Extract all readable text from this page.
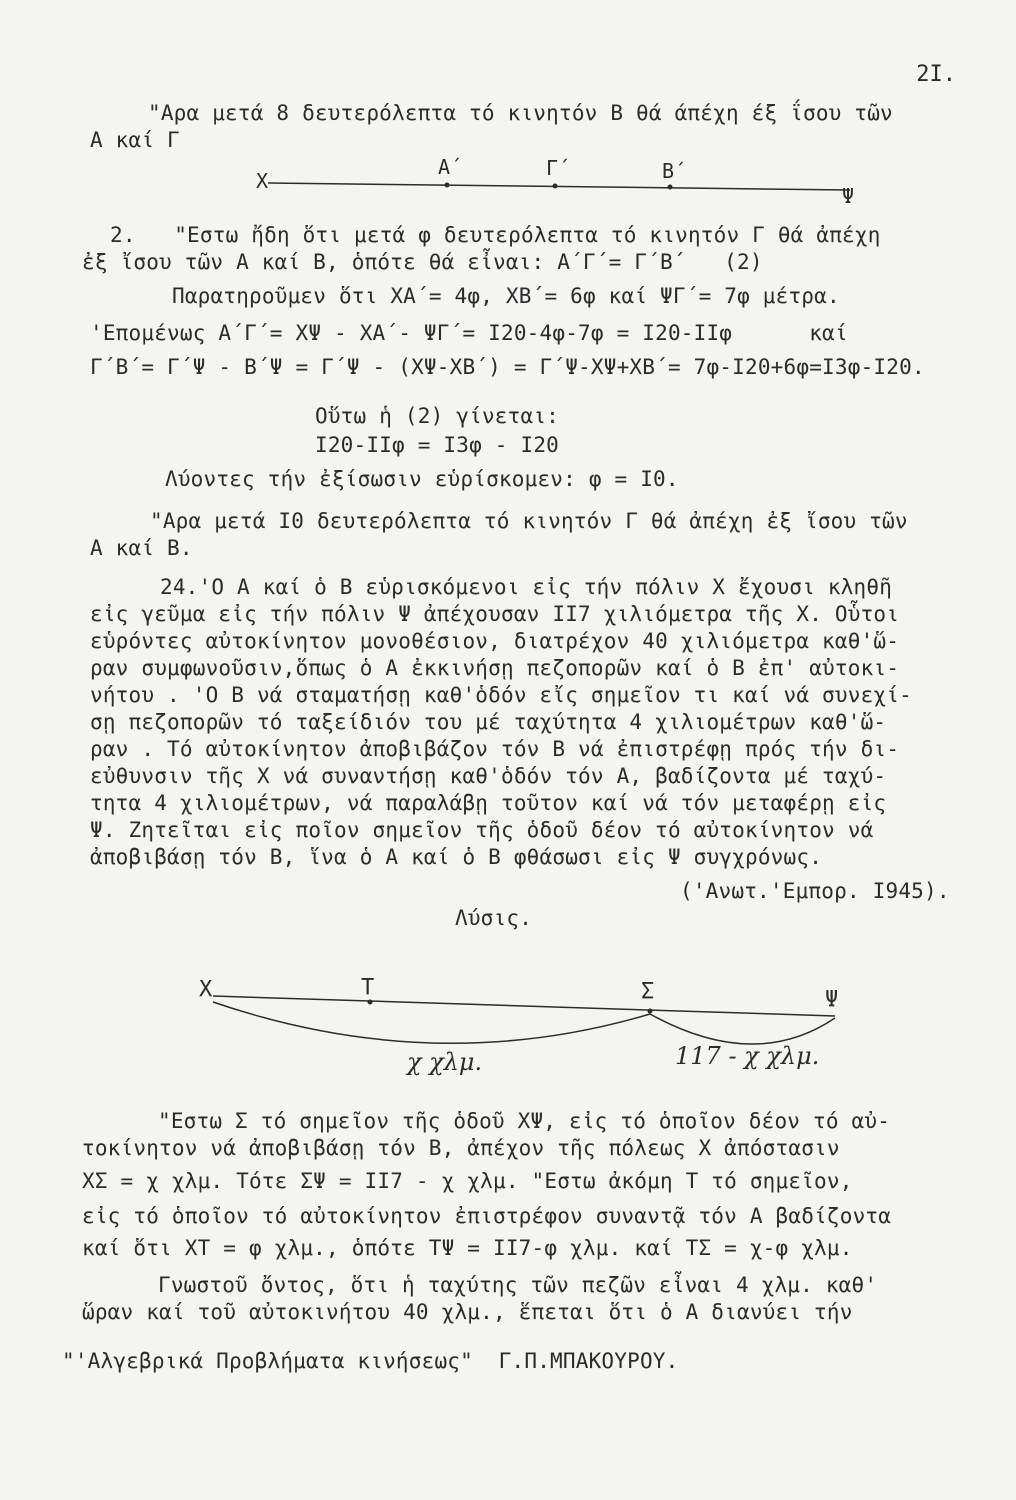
2I.
"Αρα μετά 8 δευτερόλεπτα τό κινητόν Β θά άπέχη έξ ΐσου τῶν
Α καί Γ
Χ
Α΄	Γ΄	Β΄
Ψ
2.   "Εστω ἤδη ὅτι μετά φ δευτερόλεπτα τό κινητόν Γ θά ἀπέχη
ἐξ ἴσου τῶν Α καί Β, ὁπότε θά εἶναι: Α΄Γ΄= Γ΄Β΄   (2)
Παρατηροῦμεν ὅτι ΧΑ΄= 4φ, ΧΒ΄= 6φ καί ΨΓ΄= 7φ μέτρα.
'Επομένως Α΄Γ΄= ΧΨ - ΧΑ΄- ΨΓ΄= Ι20-4φ-7φ = Ι20-ΙΙφ      καί
Γ΄Β΄= Γ΄Ψ - Β΄Ψ = Γ΄Ψ - (ΧΨ-ΧΒ΄) = Γ΄Ψ-ΧΨ+ΧΒ΄= 7φ-Ι20+6φ=Ι3φ-Ι20.
Οὕτω ἡ (2) γίνεται:
Ι20-ΙΙφ = Ι3φ - Ι20
Λύοντες τήν ἐξίσωσιν εὑρίσκομεν: φ = Ι0.
"Αρα μετά Ι0 δευτερόλεπτα τό κινητόν Γ θά ἀπέχη ἐξ ἴσου τῶν
Α καί Β.
24.'Ο Α καί ὁ Β εὑρισκόμενοι εἰς τήν πόλιν Χ ἔχουσι κληθῆ
εἰς γεῦμα εἰς τήν πόλιν Ψ ἀπέχουσαν ΙΙ7 χιλιόμετρα τῆς Χ. Οὗτοι
εὑρόντες αὐτοκίνητον μονοθέσιον, διατρέχον 40 χιλιόμετρα καθ'ὥ-
ραν συμφωνοῦσιν,ὅπως ὁ Α ἐκκινήσῃ πεζοπορῶν καί ὁ Β ἐπ' αὐτοκι-
νήτου . 'Ο Β νά σταματήσῃ καθ'ὁδόν εἴς σημεῖον τι καί νά συνεχί-
σῃ πεζοπορῶν τό ταξείδιόν του μέ ταχύτητα 4 χιλιομέτρων καθ'ὥ-
ραν . Τό αὐτοκίνητον ἀποβιβάζον τόν Β νά ἐπιστρέφῃ πρός τήν δι-
εὐθυνσιν τῆς Χ νά συναντήσῃ καθ'ὁδόν τόν Α, βαδίζοντα μέ ταχύ-
τητα 4 χιλιομέτρων, νά παραλάβῃ τοῦτον καί νά τόν μεταφέρῃ εἰς
Ψ. Ζητεῖται εἰς ποῖον σημεῖον τῆς ὁδοῦ δέον τό αὐτοκίνητον νά
ἀποβιβάσῃ τόν Β, ἵνα ὁ Α καί ὁ Β φθάσωσι εἰς Ψ συγχρόνως.
('Ανωτ.'Εμπορ. Ι945).
Λύσις.
Χ	Τ	Σ	Ψ
χ χλμ.	117 - χ χλμ.
"Εστω Σ τό σημεῖον τῆς ὁδοῦ ΧΨ, εἰς τό ὁποῖον δέον τό αὐ-
τοκίνητον νά ἀποβιβάσῃ τόν Β, ἀπέχον τῆς πόλεως Χ ἀπόστασιν
ΧΣ = χ χλμ. Τότε ΣΨ = ΙΙ7 - χ χλμ. "Εστω ἀκόμη Τ τό σημεῖον,
εἰς τό ὁποῖον τό αὐτοκίνητον ἐπιστρέφον συναντᾷ τόν Α βαδίζοντα
καί ὅτι ΧΤ = φ χλμ., ὁπότε ΤΨ = ΙΙ7-φ χλμ. καί ΤΣ = χ-φ χλμ.
Γνωστοῦ ὄντος, ὅτι ἡ ταχύτης τῶν πεζῶν εἶναι 4 χλμ. καθ'
ὥραν καί τοῦ αὐτοκινήτου 40 χλμ., ἕπεται ὅτι ὁ Α διανύει τήν
"'Αλγεβρικά Προβλήματα κινήσεως"  Γ.Π.ΜΠΑΚΟΥΡΟΥ.
